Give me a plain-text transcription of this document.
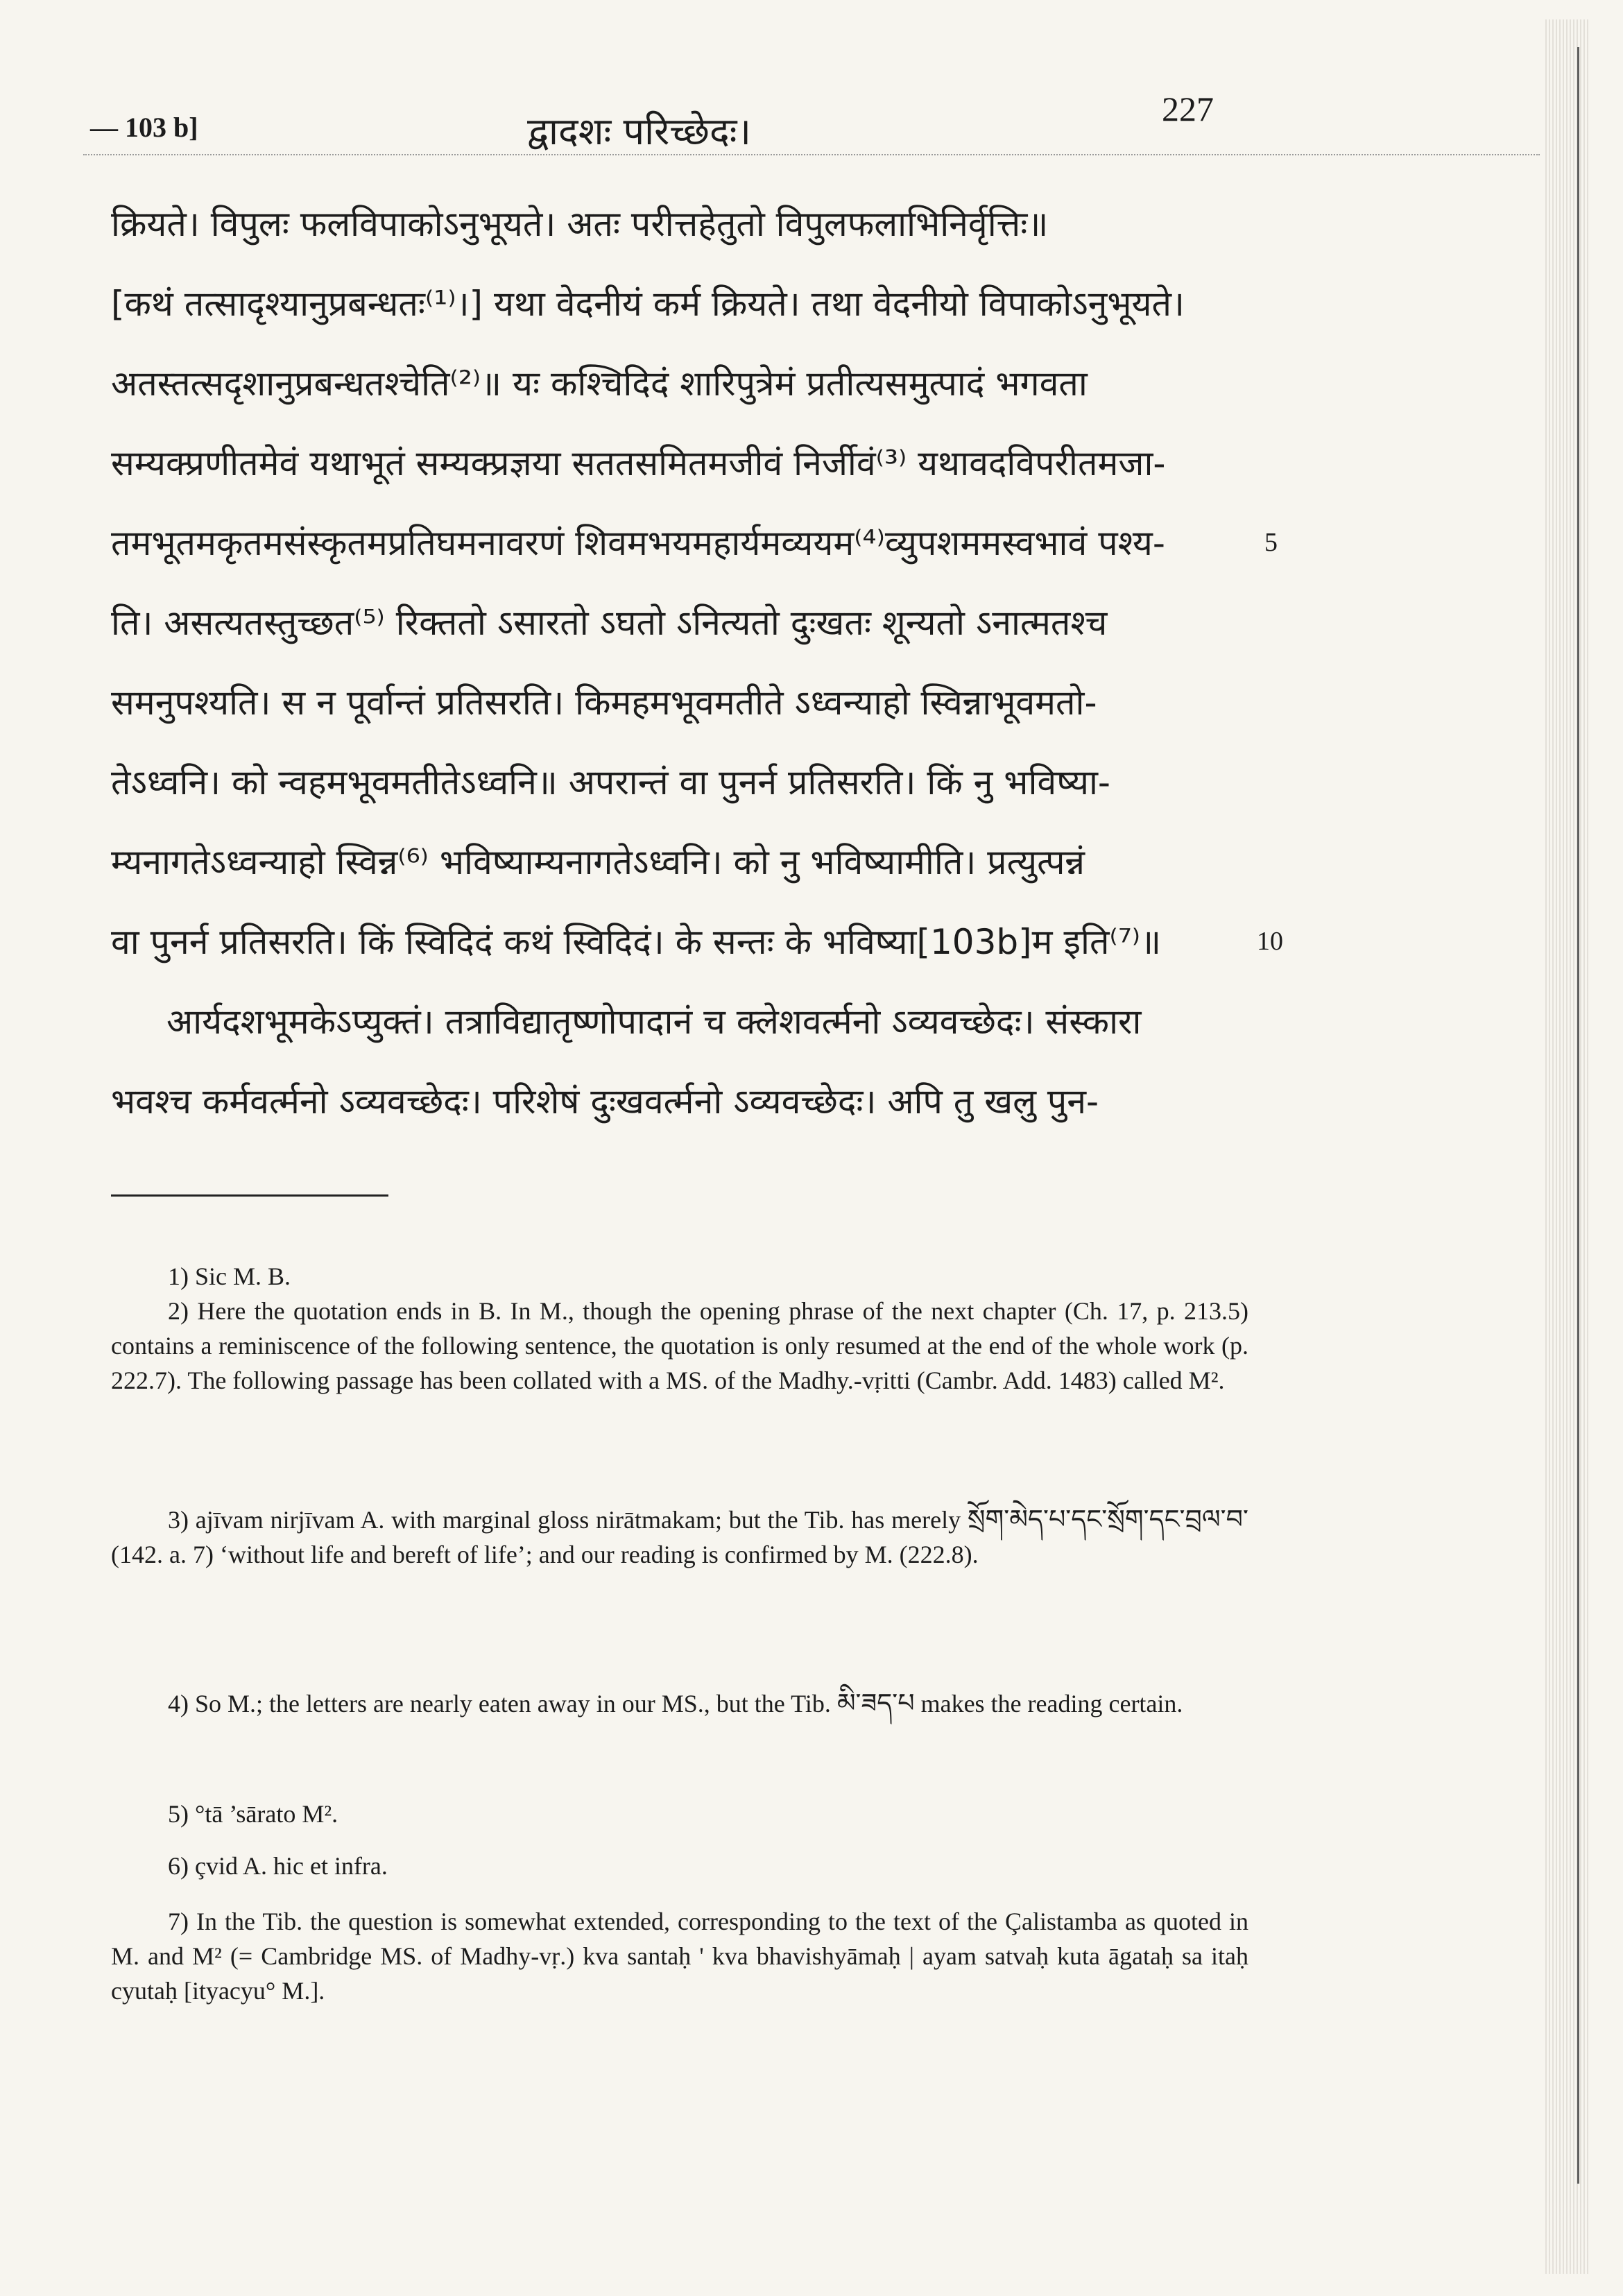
— 103 b]	द्वादशः परिच्छेदः।
227
क्रियते। विपुलः फलविपाकोऽनुभूयते। अतः परीत्तहेतुतो विपुलफलाभिनिर्वृत्तिः॥
[कथं तत्सादृश्यानुप्रबन्धतः⁽¹⁾।] यथा वेदनीयं कर्म क्रियते। तथा वेदनीयो विपाकोऽनुभूयते।
अतस्तत्सदृशानुप्रबन्धतश्चेति⁽²⁾॥ यः कश्चिदिदं शारिपुत्रेमं प्रतीत्यसमुत्पादं भगवता
सम्यक्प्रणीतमेवं यथाभूतं सम्यक्प्रज्ञया सततसमितमजीवं निर्जीवं⁽³⁾ यथावदविपरीतमजा-
तमभूतमकृतमसंस्कृतमप्रतिघमनावरणं शिवमभयमहार्यमव्ययम⁽⁴⁾व्युपशममस्वभावं पश्य-	5
ति। असत्यतस्तुच्छत⁽⁵⁾ रिक्ततो ऽसारतो ऽघतो ऽनित्यतो दुःखतः शून्यतो ऽनात्मतश्च
समनुपश्यति। स न पूर्वान्तं प्रतिसरति। किमहमभूवमतीते ऽध्वन्याहो स्विन्नाभूवमतो-
तेऽध्वनि। को न्वहमभूवमतीतेऽध्वनि॥ अपरान्तं वा पुनर्न प्रतिसरति। किं नु भविष्या-
म्यनागतेऽध्वन्याहो स्विन्न⁽⁶⁾ भविष्याम्यनागतेऽध्वनि। को नु भविष्यामीति। प्रत्युत्पन्नं
वा पुनर्न प्रतिसरति। किं स्विदिदं कथं स्विदिदं। के सन्तः के भविष्या[103b]म इति⁽⁷⁾॥	10
आर्यदशभूमकेऽप्युक्तं। तत्राविद्यातृष्णोपादानं च क्लेशवर्त्मनो ऽव्यवच्छेदः। संस्कारा
भवश्च कर्मवर्त्मनो ऽव्यवच्छेदः। परिशेषं दुःखवर्त्मनो ऽव्यवच्छेदः। अपि तु खलु पुन-
1) Sic M. B.
2) Here the quotation ends in B. In M., though the opening phrase of the next chapter (Ch. 17, p. 213.5) contains a reminiscence of the following sentence, the quotation is only resumed at the end of the whole work (p. 222.7). The following passage has been collated with a MS. of the Madhy.-vṛitti (Cambr. Add. 1483) called M².
3) ajīvam nirjīvam A. with marginal gloss nirātmakam; but the Tib. has merely སྲོག་མེད་པ་དང་སྲོག་དང་བྲལ་བ་ (142. a. 7) ‘without life and bereft of life’; and our reading is confirmed by M. (222.8).
4) So M.; the letters are nearly eaten away in our MS., but the Tib. མི་ཟད་པ makes the reading certain.
5) °tā ’sārato M².
6) çvid A. hic et infra.
7) In the Tib. the question is somewhat extended, corresponding to the text of the Çalistamba as quoted in M. and M² (= Cambridge MS. of Madhy-vṛ.) kva santaḥ ' kva bhavishyāmaḥ | ayam satvaḥ kuta āgataḥ sa itaḥ cyutaḥ [ityacyu° M.].
